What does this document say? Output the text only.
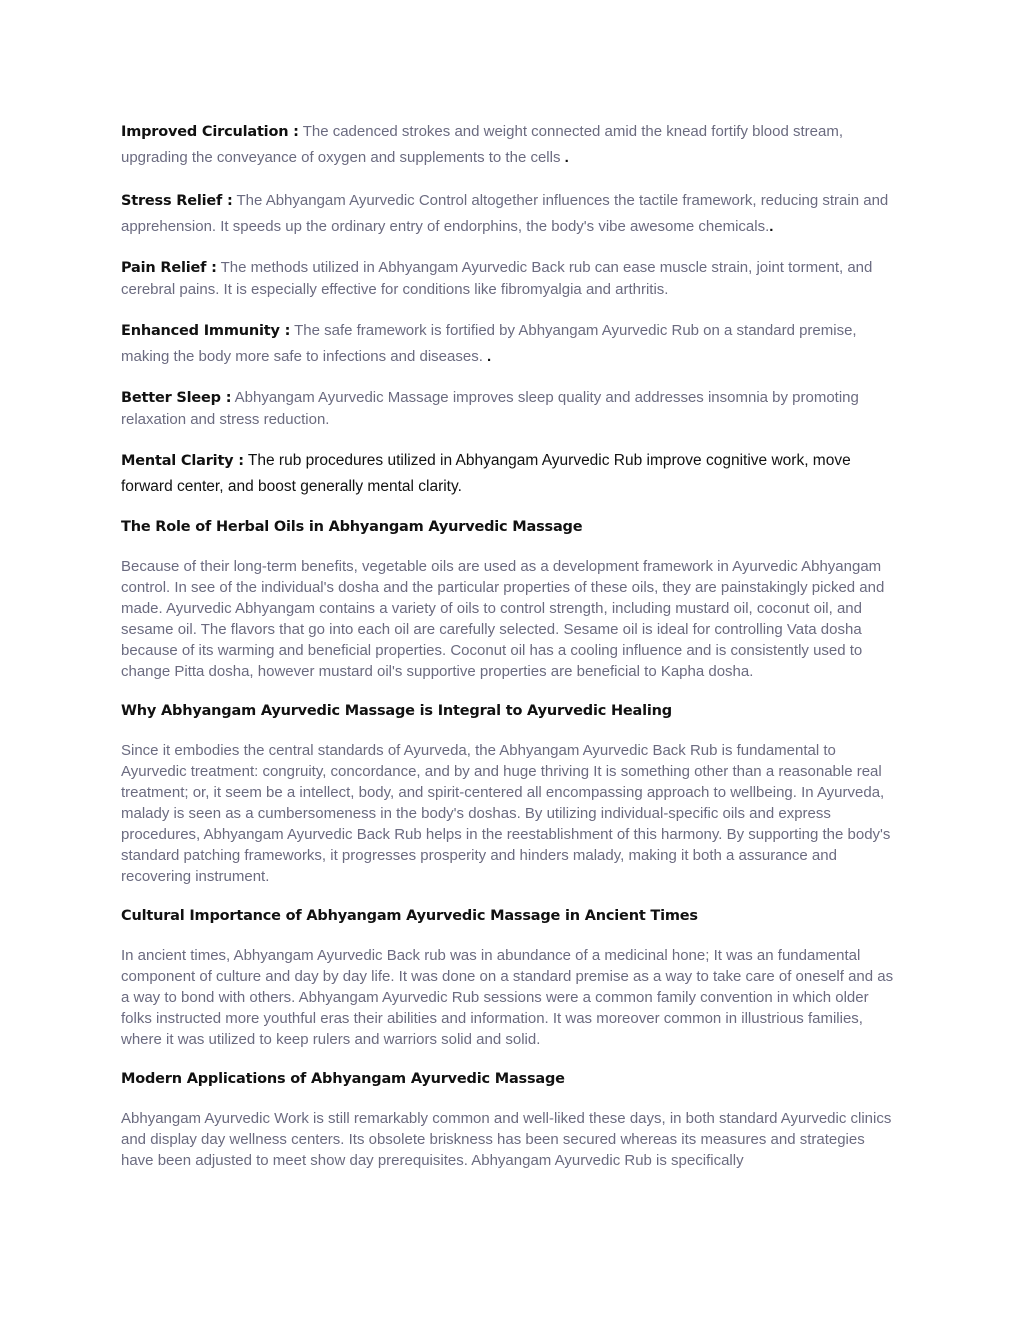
Improved Circulation : The cadenced strokes and weight connected amid the knead fortify blood stream, upgrading the conveyance of oxygen and supplements to the cells .

Stress Relief : The Abhyangam Ayurvedic Control altogether influences the tactile framework, reducing strain and apprehension. It speeds up the ordinary entry of endorphins, the body's vibe awesome chemicals..

Pain Relief : The methods utilized in Abhyangam Ayurvedic Back rub can ease muscle strain, joint torment, and cerebral pains. It is especially effective for conditions like fibromyalgia and arthritis.

Enhanced Immunity : The safe framework is fortified by Abhyangam Ayurvedic Rub on a standard premise, making the body more safe to infections and diseases. .

Better Sleep : Abhyangam Ayurvedic Massage improves sleep quality and addresses insomnia by promoting relaxation and stress reduction.

Mental Clarity : The rub procedures utilized in Abhyangam Ayurvedic Rub improve cognitive work, move forward center, and boost generally mental clarity.

The Role of Herbal Oils in Abhyangam Ayurvedic Massage

Because of their long-term benefits, vegetable oils are used as a development framework in Ayurvedic Abhyangam control. In see of the individual's dosha and the particular properties of these oils, they are painstakingly picked and made. Ayurvedic Abhyangam contains a variety of oils to control strength, including mustard oil, coconut oil, and sesame oil. The flavors that go into each oil are carefully selected. Sesame oil is ideal for controlling Vata dosha because of its warming and beneficial properties. Coconut oil has a cooling influence and is consistently used to change Pitta dosha, however mustard oil's supportive properties are beneficial to Kapha dosha.

Why Abhyangam Ayurvedic Massage is Integral to Ayurvedic Healing

Since it embodies the central standards of Ayurveda, the Abhyangam Ayurvedic Back Rub is fundamental to Ayurvedic treatment: congruity, concordance, and by and huge thriving It is something other than a reasonable real treatment; or, it seem be a intellect, body, and spirit-centered all encompassing approach to wellbeing. In Ayurveda, malady is seen as a cumbersomeness in the body's doshas. By utilizing individual-specific oils and express procedures, Abhyangam Ayurvedic Back Rub helps in the reestablishment of this harmony. By supporting the body's standard patching frameworks, it progresses prosperity and hinders malady, making it both a assurance and recovering instrument.

Cultural Importance of Abhyangam Ayurvedic Massage in Ancient Times

In ancient times, Abhyangam Ayurvedic Back rub was in abundance of a medicinal hone; It was an fundamental component of culture and day by day life. It was done on a standard premise as a way to take care of oneself and as a way to bond with others. Abhyangam Ayurvedic Rub sessions were a common family convention in which older folks instructed more youthful eras their abilities and information. It was moreover common in illustrious families, where it was utilized to keep rulers and warriors solid and solid.

Modern Applications of Abhyangam Ayurvedic Massage

Abhyangam Ayurvedic Work is still remarkably common and well-liked these days, in both standard Ayurvedic clinics and display day wellness centers. Its obsolete briskness has been secured whereas its measures and strategies have been adjusted to meet show day prerequisites. Abhyangam Ayurvedic Rub is specifically
